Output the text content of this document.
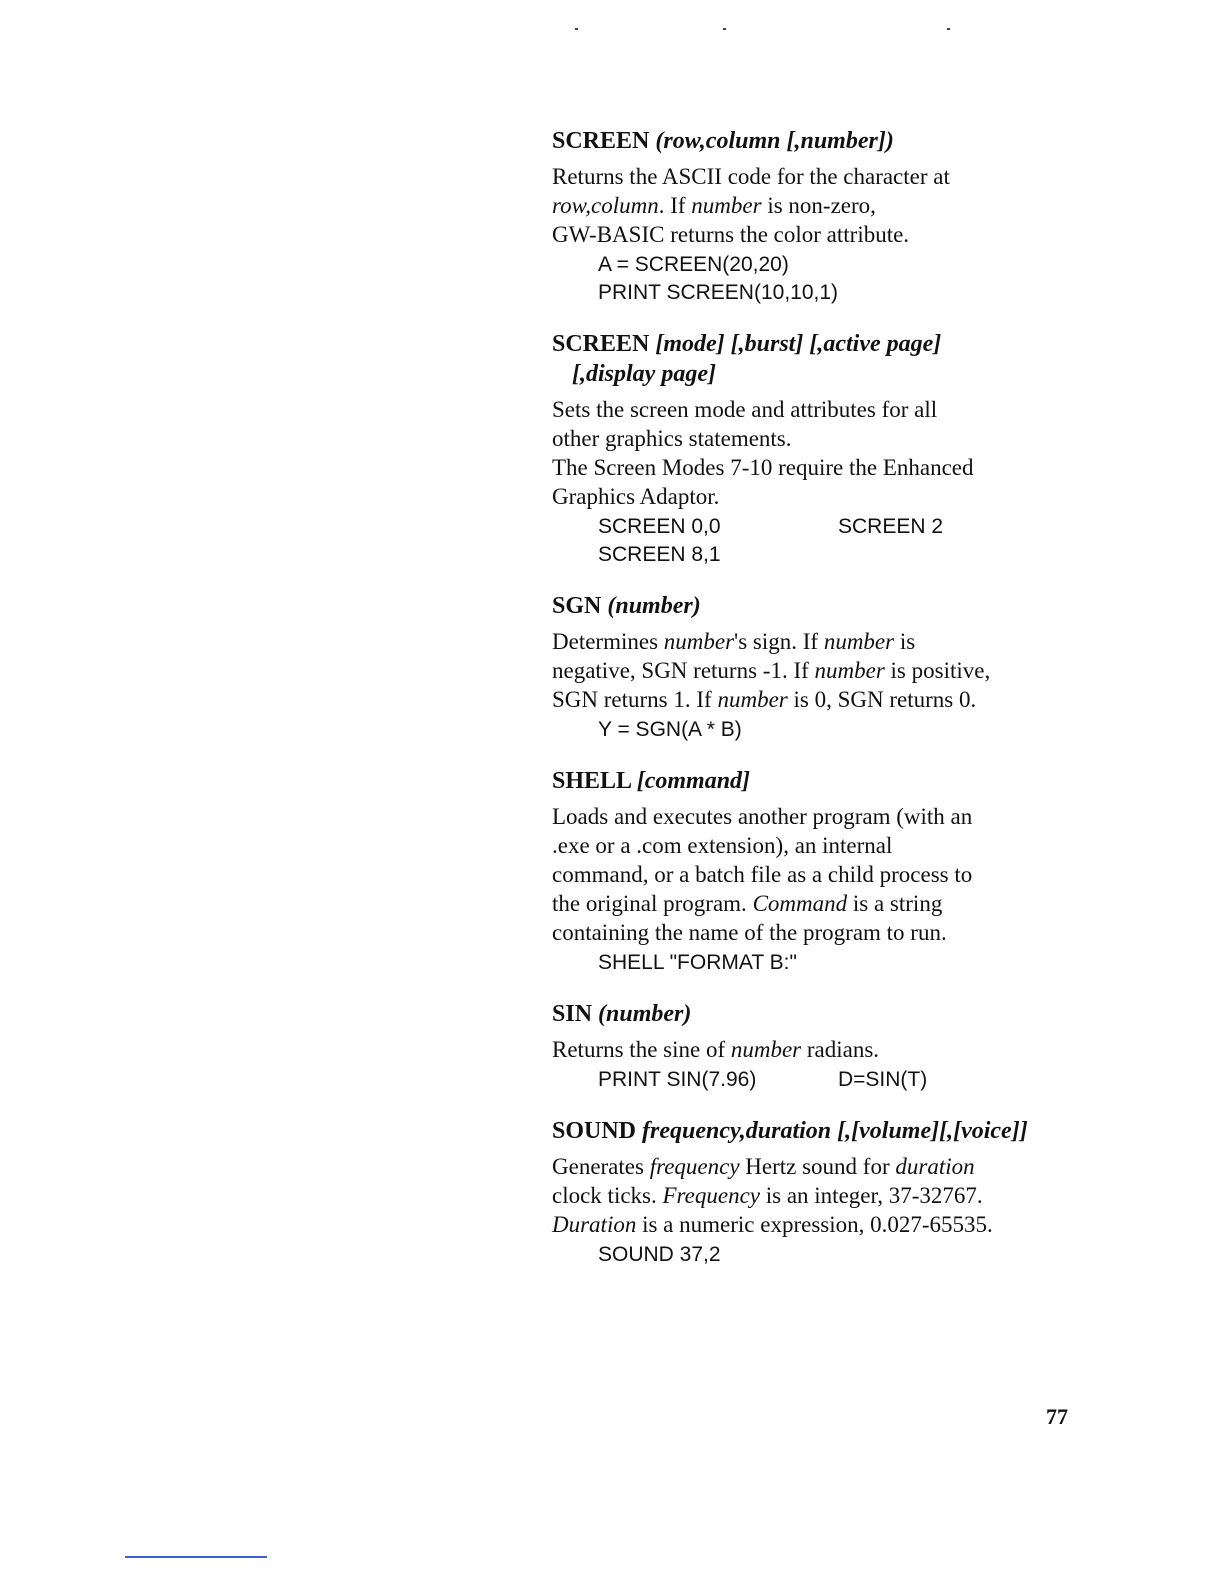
SCREEN (row,column [,number])

Returns the ASCII code for the character at

row,column. If number is non-zero,

GW-BASIC returns the color attribute.

A = SCREEN(20,20)
PRINT SCREEN(10,10,1)
SCREEN [mode] [,burst] [,active page]
[,display page]

Sets the screen mode and attributes for all

other graphics statements.

The Screen Modes 7-10 require the Enhanced

Graphics Adaptor.

SCREEN 0,0	SCREEN 2
SCREEN 8,1
SGN (number)

Determines number's sign. If number is

negative, SGN returns -1. If number is positive,

SGN returns 1. If number is 0, SGN returns 0.

Y = SGN(A * B)
SHELL [command]

Loads and executes another program (with an

.exe or a .com extension), an internal

command, or a batch file as a child process to

the original program. Command is a string

containing the name of the program to run.

SHELL "FORMAT B:"
SIN (number)

Returns the sine of number radians.

PRINT SIN(7.96)	D=SIN(T)
SOUND frequency,duration [,[volume][,[voice]]

Generates frequency Hertz sound for duration

clock ticks. Frequency is an integer, 37-32767.

Duration is a numeric expression, 0.027-65535.

SOUND 37,2
77
